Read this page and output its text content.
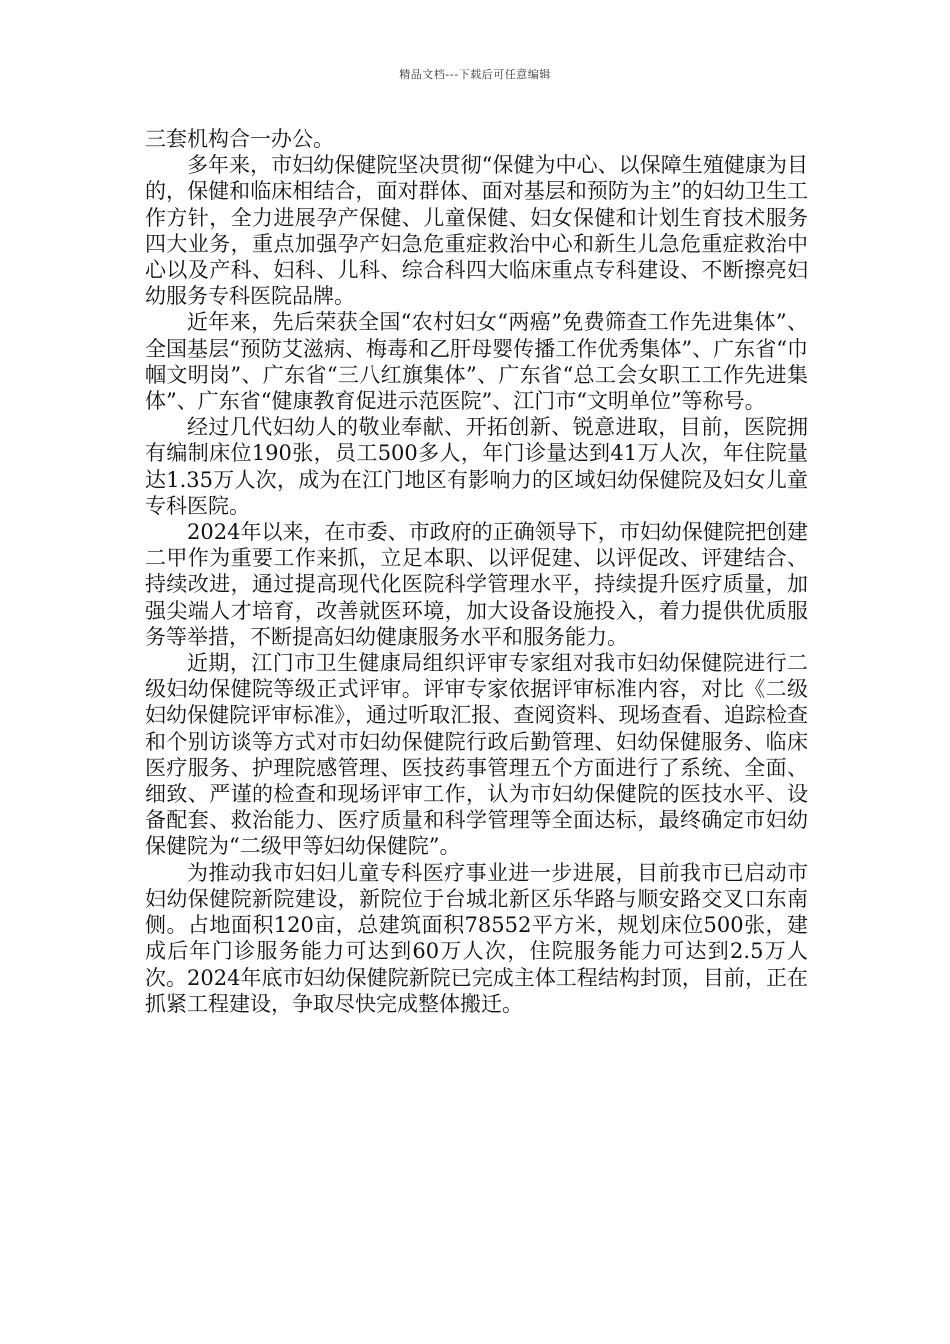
精品文档---下载后可任意编辑

三套机构合一办公。

多年来，市妇幼保健院坚决贯彻“保健为中心、以保障生殖健康为目的，保健和临床相结合，面对群体、面对基层和预防为主”的妇幼卫生工作方针，全力进展孕产保健、儿童保健、妇女保健和计划生育技术服务四大业务，重点加强孕产妇急危重症救治中心和新生儿急危重症救治中心以及产科、妇科、儿科、综合科四大临床重点专科建设、不断擦亮妇幼服务专科医院品牌。

近年来，先后荣获全国“农村妇女“两癌”免费筛查工作先进集体”、全国基层“预防艾滋病、梅毒和乙肝母婴传播工作优秀集体”、广东省“巾帼文明岗”、广东省“三八红旗集体”、广东省“总工会女职工工作先进集体”、广东省“健康教育促进示范医院”、江门市“文明单位”等称号。

经过几代妇幼人的敬业奉献、开拓创新、锐意进取，目前，医院拥有编制床位190张，员工500多人，年门诊量达到41万人次，年住院量达1.35万人次，成为在江门地区有影响力的区域妇幼保健院及妇女儿童专科医院。

2024年以来，在市委、市政府的正确领导下，市妇幼保健院把创建二甲作为重要工作来抓，立足本职、以评促建、以评促改、评建结合、持续改进，通过提高现代化医院科学管理水平，持续提升医疗质量，加强尖端人才培育，改善就医环境，加大设备设施投入，着力提供优质服务等举措，不断提高妇幼健康服务水平和服务能力。

近期，江门市卫生健康局组织评审专家组对我市妇幼保健院进行二级妇幼保健院等级正式评审。评审专家依据评审标准内容，对比《二级妇幼保健院评审标准》，通过听取汇报、查阅资料、现场查看、追踪检查和个别访谈等方式对市妇幼保健院行政后勤管理、妇幼保健服务、临床医疗服务、护理院感管理、医技药事管理五个方面进行了系统、全面、细致、严谨的检查和现场评审工作，认为市妇幼保健院的医技水平、设备配套、救治能力、医疗质量和科学管理等全面达标，最终确定市妇幼保健院为“二级甲等妇幼保健院”。

为推动我市妇妇儿童专科医疗事业进一步进展，目前我市已启动市妇幼保健院新院建设，新院位于台城北新区乐华路与顺安路交叉口东南侧。占地面积120亩，总建筑面积78552平方米，规划床位500张，建成后年门诊服务能力可达到60万人次，住院服务能力可达到2.5万人次。2024年底市妇幼保健院新院已完成主体工程结构封顶，目前，正在抓紧工程建设，争取尽快完成整体搬迁。
